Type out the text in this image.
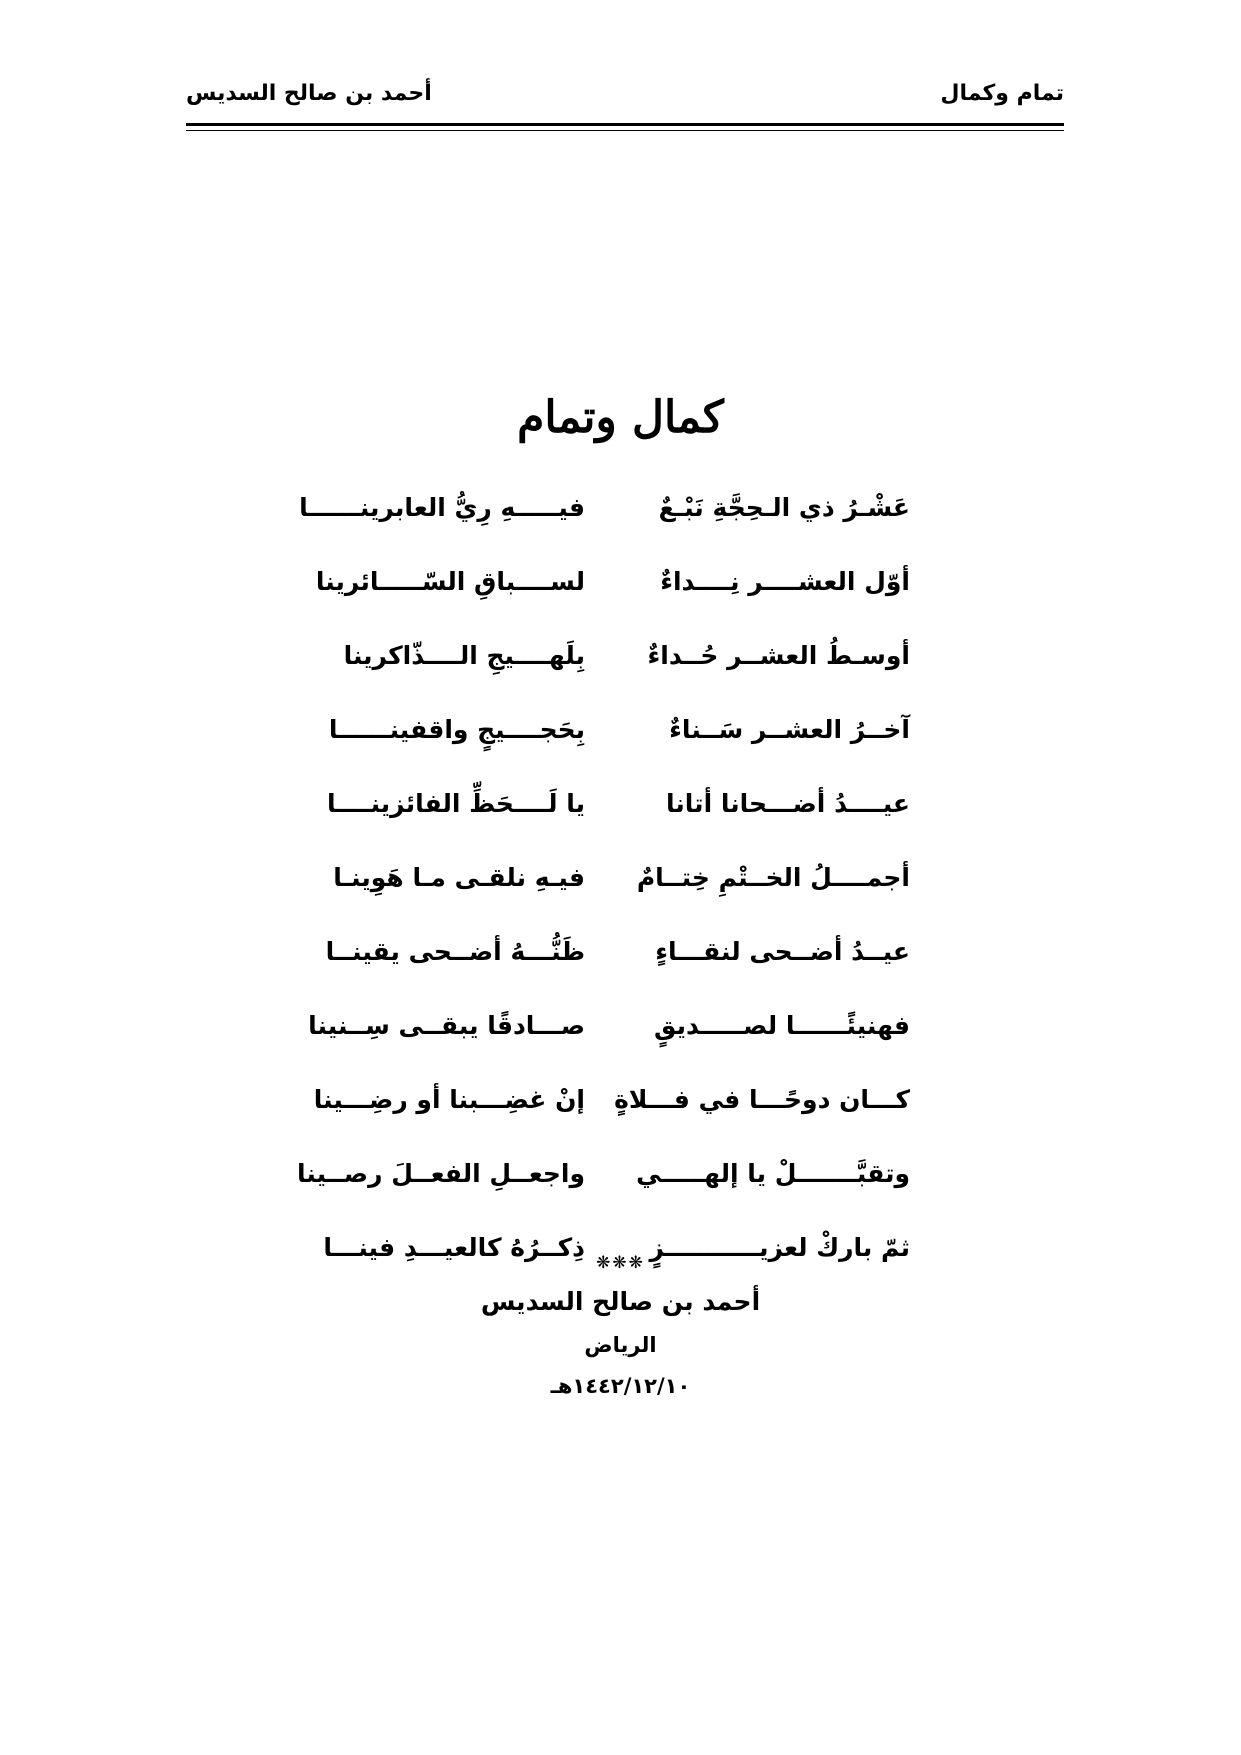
تمام وكمال
أحمد بن صالح السديس
كمال وتمام
عَشْـرُ ذي الـحِجَّةِ نَبْـعٌ
فيـــــهِ رِيُّ العابرينــــــا
أوّل العشــــر نِــــداءٌ
لســــباقِ السّـــــائرينا
أوسـطُ العشــر حُــداءٌ
بِلَهــــيجِ الــــذّاكرينا
آخــرُ العشــر سَــناءٌ
بِحَجــــيجٍ واقفينــــــا
عيــــدُ أضـــحانا أتانا
يا لَــــحَظِّ الفائزينــــا
أجمــــلُ الخــتْمِ خِتــامٌ
فيـهِ نلقـى مـا هَوِينـا
عيــدُ أضــحى لنقـــاءٍ
ظَنُّـــهُ أضــحى يقينــا
فهنيئًــــــا لصـــــديقٍ
صـــادقًا يبقــى سِــنينا
كـــان دوحًـــا في فـــلاةٍ
إنْ غضِـــبنا أو رضِـــينا
وتقبَّـــــــلْ يا إلهـــــي
واجعــلِ الفعــلَ رصــينا
ثمّ باركْ لعزيـــــــــــزٍ
ذِكــرُهُ كالعيـــدِ فينـــا
❋❋❋
أحمد بن صالح السديس
الرياض
١٤٤٢/١٢/١٠هـ
